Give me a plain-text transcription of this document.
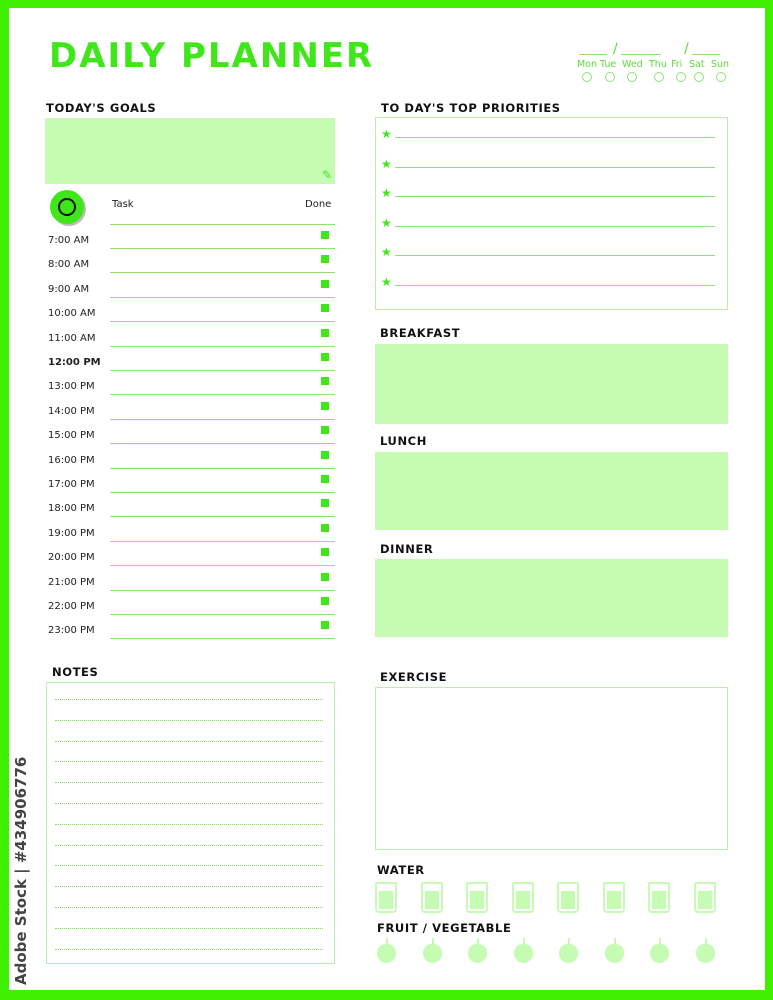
DAILY PLANNER	/	/
Mon Tue Wed Thu Fri Sat Sun
TODAY'S GOALS
✎
Task	Done
7:00 AM
8:00 AM
9:00 AM
10:00 AM
11:00 AM
12:00 PM
13:00 PM
14:00 PM
15:00 PM
16:00 PM
17:00 PM
18:00 PM
19:00 PM
20:00 PM
21:00 PM
22:00 PM
23:00 PM
NOTES
TO DAY'S TOP PRIORITIES
★
★
★
★
★
★
BREAKFAST
LUNCH
DINNER
EXERCISE
WATER
FRUIT / VEGETABLE
Adobe Stock | #434906776
